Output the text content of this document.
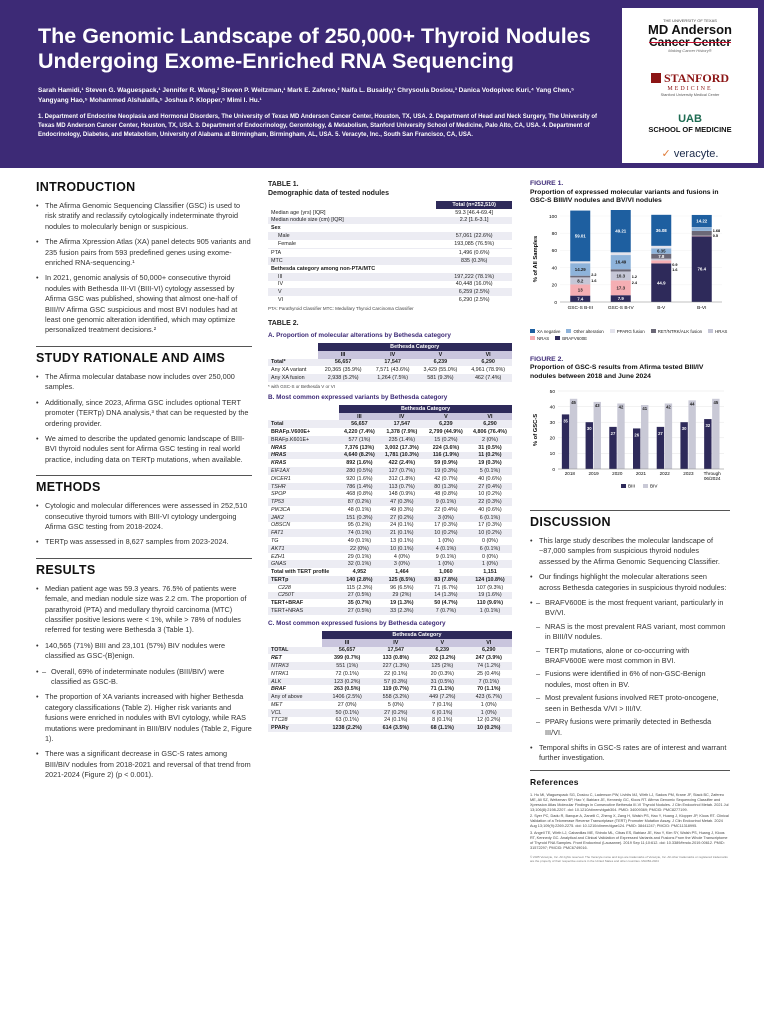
The Genomic Landscape of 250,000+ Thyroid Nodules Undergoing Exome-Enriched RNA Sequencing
Sarah Hamidi,¹ Steven G. Waguespack,¹ Jennifer R. Wang,² Steven P. Weitzman,¹ Mark E. Zafereo,² Naifa L. Busaidy,¹ Chrysoula Dosiou,³ Danica Vodopivec Kuri,⁴ Yang Chen,⁵ Yangyang Hao,⁵ Mohammed Alshalalfa,⁵ Joshua P. Klopper,⁵ Mimi I. Hu.¹
1. Department of Endocrine Neoplasia and Hormonal Disorders, The University of Texas MD Anderson Cancer Center, Houston, TX, USA. 2. Department of Head and Neck Surgery, The University of Texas MD Anderson Cancer Center, Houston, TX, USA. 3. Department of Endocrinology, Gerontology, & Metabolism, Stanford University School of Medicine, Palo Alto, CA, USA. 4. Department of Endocrinology, Diabetes, and Metabolism, University of Alabama at Birmingham, Birmingham, AL, USA. 5. Veracyte, Inc., South San Francisco, CA, USA.
THE UNIVERSITY OF TEXAS
MD Anderson
Cancer Center
Making Cancer History®
STANFORD
MEDICINE
Stanford University Medical Center
UAB
SCHOOL OF MEDICINE
✓ veracyte.
INTRODUCTION
• The Afirma Genomic Sequencing Classifier (GSC) is used to risk stratify and reclassify cytologically indeterminate thyroid nodules to molecularly benign or suspicious.
• The Afirma Xpression Atlas (XA) panel detects 905 variants and 235 fusion pairs from 593 predefined genes using exome-enriched RNA-sequencing.¹
• In 2021, genomic analysis of 50,000+ consecutive thyroid nodules with Bethesda III-VI (BIII-VI) cytology assessed by Afirma GSC was published, showing that almost one-half of BIII/IV Afirma GSC suspicious and most BVI nodules had at least one genomic alteration identified, which may optimize personalized treatment decisions.²
STUDY RATIONALE AND AIMS
• The Afirma molecular database now includes over 250,000 samples.
• Additionally, since 2023, Afirma GSC includes optional TERT promoter (TERTp) DNA analysis,³ that can be requested by the ordering provider.
• We aimed to describe the updated genomic landscape of BIII-BVI thyroid nodules sent for Afirma GSC testing in real world practice, including data on TERTp mutations, when available.
METHODS
• Cytologic and molecular differences were assessed in 252,510 consecutive thyroid tumors with BIII-VI cytology undergoing Afirma GSC testing from 2018-2024.
• TERTp was assessed in 8,627 samples from 2023-2024.
RESULTS
• Median patient age was 59.3 years. 76.5% of patients were female, and median nodule size was 2.2 cm. The proportion of parathyroid (PTA) and medullary thyroid carcinoma (MTC) classifier positive lesions were < 1%, while > 78% of nodules referred for testing were Bethesda 3 (Table 1).
• 140,565 (71%) BIII and 23,101 (57%) BIV nodules were classified as GSC-(B)enign.
– • Overall, 69% of indeterminate nodules (BIII/BIV) were classified as GSC-B.
• The proportion of XA variants increased with higher Bethesda category classifications (Table 2). Higher risk variants and fusions were enriched in nodules with BVI cytology, while RAS mutations were predominant in BIII/BIV nodules (Table 2, Figure 1).
• There was a significant decrease in GSC-S rates among BIII/BIV nodules from 2018-2021 and reversal of that trend from 2021-2024 (Figure 2) (p < 0.001).
TABLE 1.
Demographic data of tested nodules
	Total (n=252,510)
Median age (yrs) [IQR]	59.3 [46.4-69.4]
Median nodule size (cm) [IQR]	2.2 [1.6-3.1]
Sex	
Male	57,061 (22.6%)
Female	193,085 (76.5%)

PTA	1,496 (0.6%)
MTC	835 (0.3%)
Bethesda category among non-PTA/MTC	
III	197,222 (78.1%)
IV	40,448 (16.0%)
V	6,259 (2.5%)
VI	6,290 (2.5%)
PTA: Parathyroid Classifier MTC: Medullary Thyroid Carcinoma Classifier
TABLE 2.
A. Proportion of molecular alterations by Bethesda category
	Bethesda Category			
	III	IV	V	VI
Total*	56,657	17,547	6,239	6,290
Any XA variant	20,365 (35.9%)	7,571 (43.6%)	3,429 (55.0%)	4,961 (78.9%)
Any XA fusion	2,938 (5.2%)	1,264 (7.5%)	581 (9.3%)	462 (7.4%)
* with GSC-S or Bethesda V or VI
B. Most common expressed variants by Bethesda category
	Bethesda Category			
	III	IV	V	VI
Total	56,657	17,547	6,239	6,290
BRAFp.V600E+	4,220 (7.4%)	1,378 (7.9%)	2,799 (44.9%)	4,806 (76.4%)
BRAFp.K601E+	577 (1%)	235 (1.4%)	15 (0.2%)	2 (0%)
NRAS	7,376 (13%)	3,002 (17.3%)	224 (3.6%)	31 (0.5%)
HRAS	4,640 (8.2%)	1,781 (10.3%)	116 (1.9%)	11 (0.2%)
KRAS	892 (1.6%)	422 (2.4%)	59 (0.9%)	19 (0.3%)
EIF1AX	280 (0.5%)	127 (0.7%)	19 (0.3%)	5 (0.1%)
DICER1	920 (1.6%)	312 (1.8%)	42 (0.7%)	40 (0.6%)
TSHR	786 (1.4%)	113 (0.7%)	80 (1.3%)	27 (0.4%)
SPOP	468 (0.8%)	148 (0.9%)	48 (0.8%)	10 (0.2%)
TP53	87 (0.2%)	47 (0.3%)	9 (0.1%)	22 (0.3%)
PIK3CA	48 (0.1%)	49 (0.3%)	22 (0.4%)	40 (0.6%)
JAK2	151 (0.3%)	27 (0.2%)	3 (0%)	6 (0.1%)
OBSCN	95 (0.2%)	24 (0.1%)	17 (0.3%)	17 (0.3%)
FAT1	74 (0.1%)	21 (0.1%)	10 (0.2%)	10 (0.2%)
TG	49 (0.1%)	13 (0.1%)	1 (0%)	0 (0%)
AKT1	22 (0%)	10 (0.1%)	4 (0.1%)	6 (0.1%)
EZH1	29 (0.1%)	4 (0%)	9 (0.1%)	0 (0%)
GNAS	32 (0.1%)	3 (0%)	1 (0%)	1 (0%)
Total with TERT profile	4,952	1,464	1,060	1,151
TERTp	140 (2.8%)	125 (8.5%)	83 (7.8%)	124 (10.8%)
C228	115 (2.3%)	96 (6.5%)	71 (6.7%)	107 (9.3%)
C250T	27 (0.5%)	29 (2%)	14 (1.3%)	19 (1.6%)
TERT+BRAF	35 (0.7%)	19 (1.3%)	50 (4.7%)	110 (9.6%)
TERT+NRAS	27 (0.5%)	33 (2.3%)	7 (0.7%)	1 (0.1%)
C. Most common expressed fusions by Bethesda category
	Bethesda Category			
	III	IV	V	VI
TOTAL	56,657	17,547	6,239	6,290
RET	399 (0.7%)	133 (0.8%)	202 (3.2%)	247 (3.9%)
NTRK3	551 (1%)	227 (1.3%)	125 (2%)	74 (1.2%)
NTRK1	72 (0.1%)	22 (0.1%)	20 (0.3%)	25 (0.4%)
ALK	123 (0.2%)	57 (0.3%)	31 (0.5%)	7 (0.1%)
BRAF	263 (0.5%)	119 (0.7%)	71 (1.1%)	70 (1.1%)
Any of above	1406 (2.5%)	558 (3.2%)	449 (7.2%)	423 (6.7%)
MET	27 (0%)	5 (0%)	7 (0.1%)	1 (0%)
VCL	50 (0.1%)	27 (0.2%)	6 (0.1%)	1 (0%)
TTC28	63 (0.1%)	24 (0.1%)	8 (0.1%)	12 (0.2%)
PPARγ	1238 (2.2%)	614 (3.5%)	68 (1.1%)	10 (0.2%)
FIGURE 1.
Proportion of expressed molecular variants and fusions in GSC-S BIII/IV nodules and BV/VI nodules
% of All Samples
0
20
40
60
80
100
7.4
13
8.2
14.29
59.01
GSC-S B-III
7.9
17.3
10.3
16.49
49.21
GSC-S B-IV
44.9
7.8
6.35
36.08
B-V
76.4
14.22
B-VI
1.68
0.5
0.9
1.6
2.2
1.6
1.2
2.4
XA negative	Other alteration	PPARG fusion	RET/NTRK/ALK fusion	HRAS
NRAS	BRAFV600E
FIGURE 2.
Proportion of GSC-S results from Afirma tested BIII/IV nodules between 2018 and June 2024
% of GSC-S
0
10
20
30
40
50
35
45
2018
30
43
2019
27
42
2020
26
41
2021
27
42
2022
30
44
2023
32
45
Through
06/2024
BIII	BIV
DISCUSSION
• This large study describes the molecular landscape of ~87,000 samples from suspicious thyroid nodules assessed by the Afirma Genomic Sequencing Classifier.
• Our findings highlight the molecular alterations seen across Bethesda categories in suspicious thyroid nodules:
– • BRAFV600E is the most frequent variant, particularly in BV/VI.
– NRAS is the most prevalent RAS variant, most common in BIII/IV nodules.
– TERTp mutations, alone or co-occurring with BRAFV600E were most common in BVI.
– Fusions were identified in 6% of non-GSC-Benign nodules, most often in BV.
– Most prevalent fusions involved RET proto-oncogene, seen in Bethesda V/VI > III/IV.
– PPARγ fusions were primarily detected in Bethesda III/VI.
• Temporal shifts in GSC-S rates are of interest and warrant further investigation.
References
1. Hu MI, Waguespack SG, Dosiou C, Ladenson PW, Livhits MJ, Wirth LJ, Sadow PM, Krane JF, Stack BC, Zafereo ME, Ali SZ, Weitzman SP, Hao Y, Babiarz JE, Kennedy GC, Kloos RT. Afirma Genomic Sequencing Classifier and Xpression Atlas Molecular Findings in Consecutive Bethesda III-VI Thyroid Nodules. J Clin Endocrinol Metab. 2021 Jul 13;106(8):2198-2207. doi: 10.1210/clinem/dgab304. PMID: 34009369; PMCID: PMC8277199.
2. Syer PC, Dadu R, Banque A, Zanelli C, Zheng X, Zang H, Walsh PS, Hao Y, Huang J, Klopper JP, Kloos RT. Clinical Validation of a Telomerase Reverse Transcriptase (TERT) Promoter Mutation Assay. J Clin Endocrinol Metab. 2024 Aug 13;109(9):2269-2275. doi: 10.1210/clinem/dgae124. PMID: 38441247; PMCID: PMC11318995.
3. Angell TE, Wirth LJ, Cabanillas ME, Shindo ML, Cibas ES, Babiarz JE, Hao Y, Kim SY, Walsh PS, Huang J, Kloos RT, Kennedy GC. Analytical and Clinical Validation of Expressed Variants and Fusions From the Whole Transcriptome of Thyroid FNA Samples. Front Endocrinol (Lausanne). 2019 Sep 11;10:612. doi: 10.3389/fendo.2019.00612. PMID: 31572297; PMCID: PMC6749016.
© 2025 Veracyte, Inc. All rights reserved. The Veracyte name and logo are trademarks of Veracyte, Inc. All other trademarks or registered trademarks are the property of their respective owners in the United States and other countries. MLR84-2024
